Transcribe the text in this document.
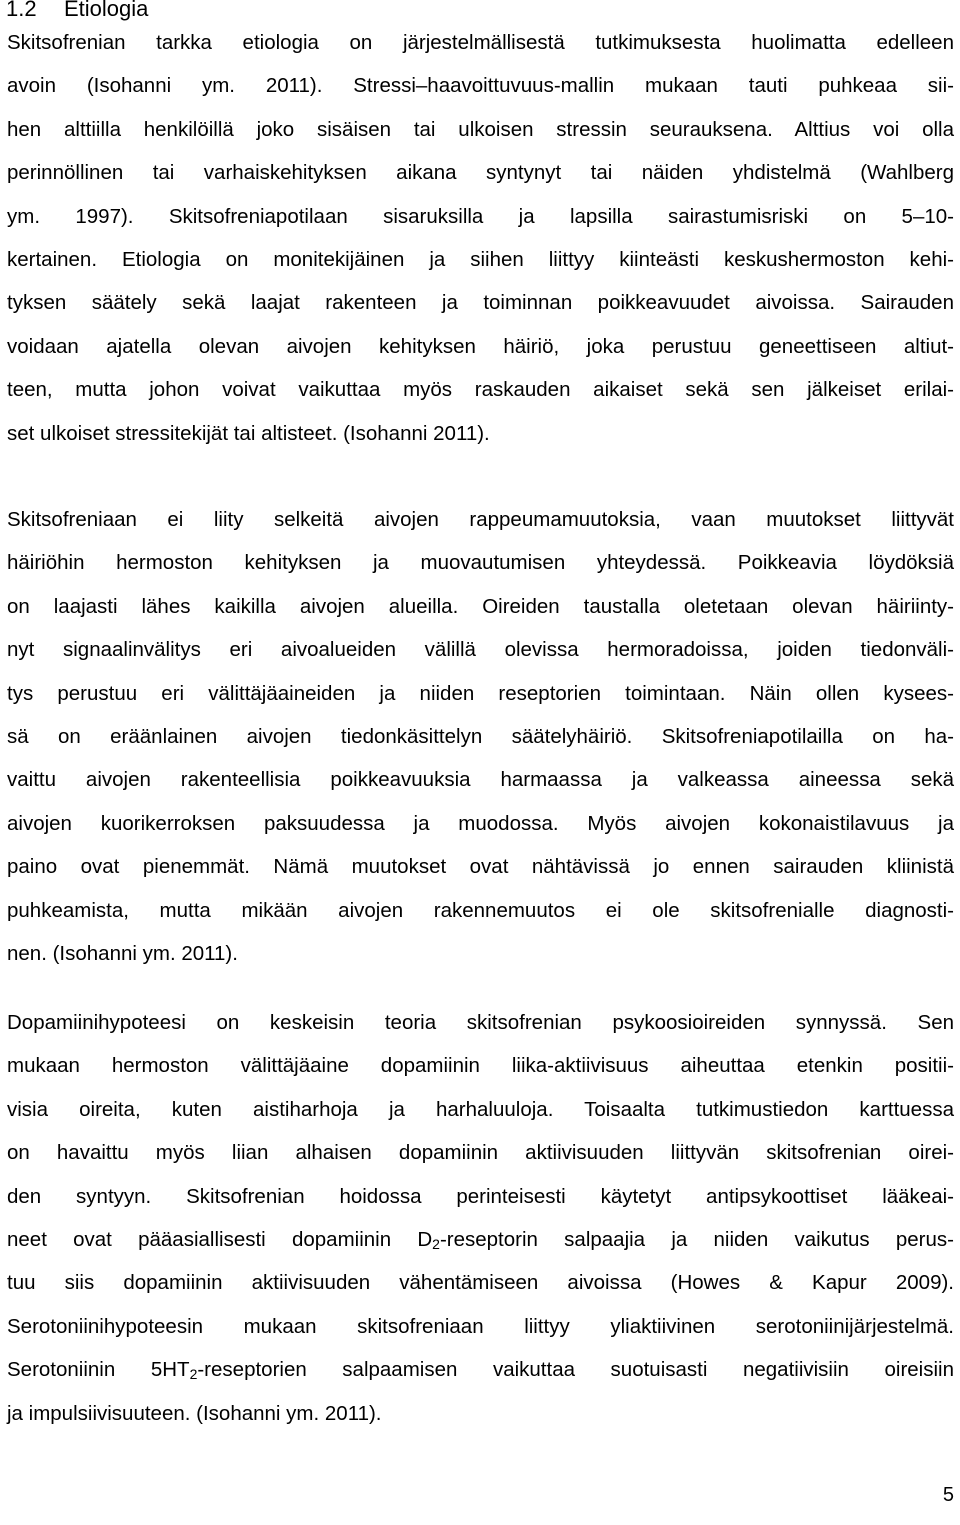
1.2 Etiologia
Skitsofrenian tarkka etiologia on järjestelmällisestä tutkimuksesta huolimatta edelleen
avoin (Isohanni ym. 2011). Stressi–haavoittuvuus-mallin mukaan tauti puhkeaa sii-
hen alttiilla henkilöillä joko sisäisen tai ulkoisen stressin seurauksena. Alttius voi olla
perinnöllinen tai varhaiskehityksen aikana syntynyt tai näiden yhdistelmä (Wahlberg
ym. 1997). Skitsofreniapotilaan sisaruksilla ja lapsilla sairastumisriski on 5–10-
kertainen. Etiologia on monitekijäinen ja siihen liittyy kiinteästi keskushermoston kehi-
tyksen säätely sekä laajat rakenteen ja toiminnan poikkeavuudet aivoissa. Sairauden
voidaan ajatella olevan aivojen kehityksen häiriö, joka perustuu geneettiseen altiut-
teen, mutta johon voivat vaikuttaa myös raskauden aikaiset sekä sen jälkeiset erilai-
set ulkoiset stressitekijät tai altisteet. (Isohanni 2011).
Skitsofreniaan ei liity selkeitä aivojen rappeumamuutoksia, vaan muutokset liittyvät
häiriöhin hermoston kehityksen ja muovautumisen yhteydessä. Poikkeavia löydöksiä
on laajasti lähes kaikilla aivojen alueilla. Oireiden taustalla oletetaan olevan häiriinty-
nyt signaalinvälitys eri aivoalueiden välillä olevissa hermoradoissa, joiden tiedonväli-
tys perustuu eri välittäjäaineiden ja niiden reseptorien toimintaan. Näin ollen kysees-
sä on eräänlainen aivojen tiedonkäsittelyn säätelyhäiriö. Skitsofreniapotilailla on ha-
vaittu aivojen rakenteellisia poikkeavuuksia harmaassa ja valkeassa aineessa sekä
aivojen kuorikerroksen paksuudessa ja muodossa. Myös aivojen kokonaistilavuus ja
paino ovat pienemmät. Nämä muutokset ovat nähtävissä jo ennen sairauden kliinistä
puhkeamista, mutta mikään aivojen rakennemuutos ei ole skitsofrenialle diagnosti-
nen. (Isohanni ym. 2011).
Dopamiinihypoteesi on keskeisin teoria skitsofrenian psykoosioireiden synnyssä. Sen
mukaan hermoston välittäjäaine dopamiinin liika-aktiivisuus aiheuttaa etenkin positii-
visia oireita, kuten aistiharhoja ja harhaluuloja. Toisaalta tutkimustiedon karttuessa
on havaittu myös liian alhaisen dopamiinin aktiivisuuden liittyvän skitsofrenian oirei-
den syntyyn. Skitsofrenian hoidossa perinteisesti käytetyt antipsykoottiset lääkeai-
neet ovat pääasiallisesti dopamiinin $D_2$-reseptorin salpaajia ja niiden vaikutus perus-
tuu siis dopamiinin aktiivisuuden vähentämiseen aivoissa (Howes & Kapur 2009).
Serotoniinihypoteesin mukaan skitsofreniaan liittyy yliaktiivinen serotoniinijärjestelmä.
Serotoniinin $5HT_2$-reseptorien salpaamisen vaikuttaa suotuisasti negatiivisiin oireisiin
ja impulsiivisuuteen. (Isohanni ym. 2011).
5
